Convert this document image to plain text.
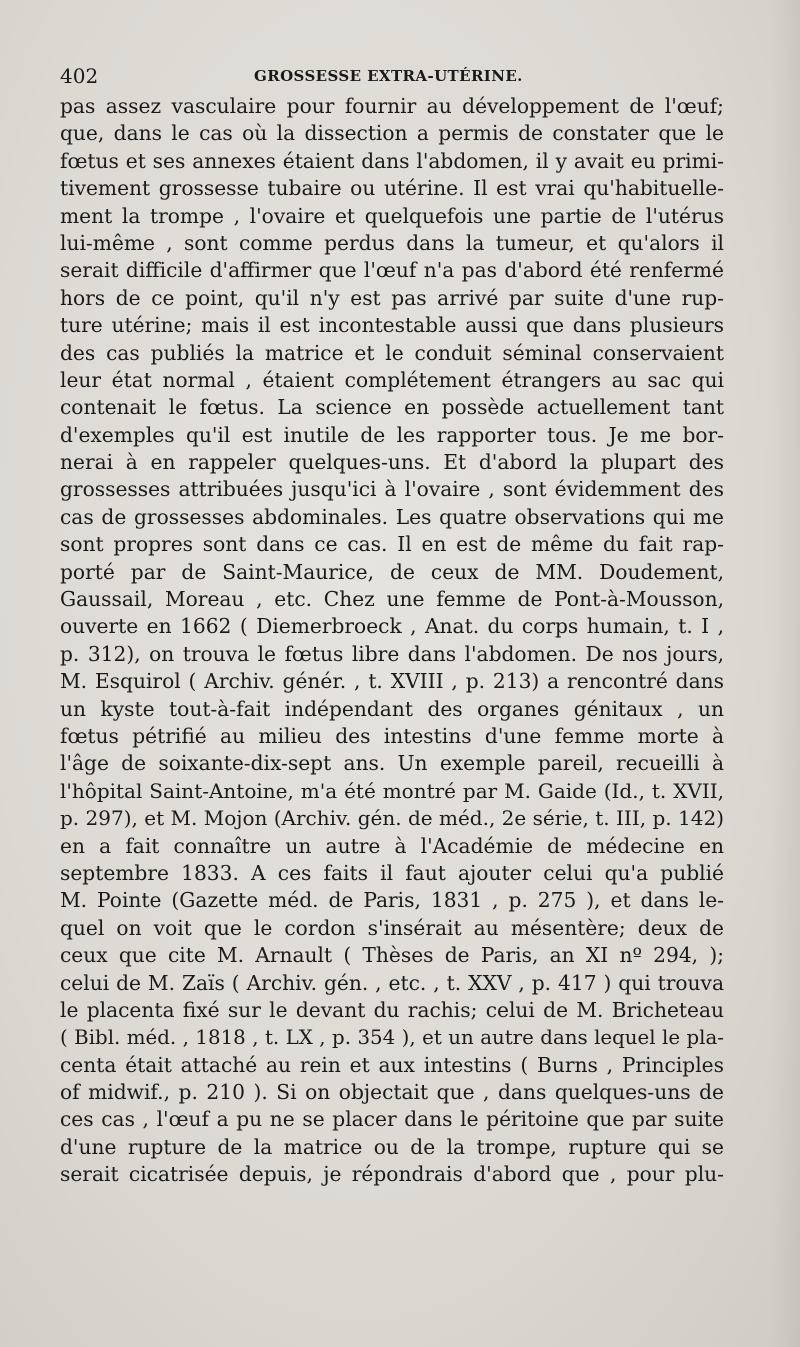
402	GROSSESSE EXTRA-UTÉRINE.
pas assez vasculaire pour fournir au développement de l'œuf;
que, dans le cas où la dissection a permis de constater que le
fœtus et ses annexes étaient dans l'abdomen, il y avait eu primi-
tivement grossesse tubaire ou utérine. Il est vrai qu'habituelle-
ment la trompe , l'ovaire et quelquefois une partie de l'utérus
lui-même , sont comme perdus dans la tumeur, et qu'alors il
serait difficile d'affirmer que l'œuf n'a pas d'abord été renfermé
hors de ce point, qu'il n'y est pas arrivé par suite d'une rup-
ture utérine; mais il est incontestable aussi que dans plusieurs
des cas publiés la matrice et le conduit séminal conservaient
leur état normal , étaient complétement étrangers au sac qui
contenait le fœtus. La science en possède actuellement tant
d'exemples qu'il est inutile de les rapporter tous. Je me bor-
nerai à en rappeler quelques-uns. Et d'abord la plupart des
grossesses attribuées jusqu'ici à l'ovaire , sont évidemment des
cas de grossesses abdominales. Les quatre observations qui me
sont propres sont dans ce cas. Il en est de même du fait rap-
porté par de Saint-Maurice, de ceux de MM. Doudement,
Gaussail, Moreau , etc. Chez une femme de Pont-à-Mousson,
ouverte en 1662 ( Diemerbroeck , Anat. du corps humain, t. I ,
p. 312), on trouva le fœtus libre dans l'abdomen. De nos jours,
M. Esquirol ( Archiv. génér. , t. XVIII , p. 213) a rencontré dans
un kyste tout-à-fait indépendant des organes génitaux , un
fœtus pétrifié au milieu des intestins d'une femme morte à
l'âge de soixante-dix-sept ans. Un exemple pareil, recueilli à
l'hôpital Saint-Antoine, m'a été montré par M. Gaide (Id., t. XVII,
p. 297), et M. Mojon (Archiv. gén. de méd., 2e série, t. III, p. 142)
en a fait connaître un autre à l'Académie de médecine en
septembre 1833. A ces faits il faut ajouter celui qu'a publié
M. Pointe (Gazette méd. de Paris, 1831 , p. 275 ), et dans le-
quel on voit que le cordon s'insérait au mésentère; deux de
ceux que cite M. Arnault ( Thèses de Paris, an XI nº 294, );
celui de M. Zaïs ( Archiv. gén. , etc. , t. XXV , p. 417 ) qui trouva
le placenta fixé sur le devant du rachis; celui de M. Bricheteau
( Bibl. méd. , 1818 , t. LX , p. 354 ), et un autre dans lequel le pla-
centa était attaché au rein et aux intestins ( Burns , Principles
of midwif., p. 210 ). Si on objectait que , dans quelques-uns de
ces cas , l'œuf a pu ne se placer dans le péritoine que par suite
d'une rupture de la matrice ou de la trompe, rupture qui se
serait cicatrisée depuis, je répondrais d'abord que , pour plu-
